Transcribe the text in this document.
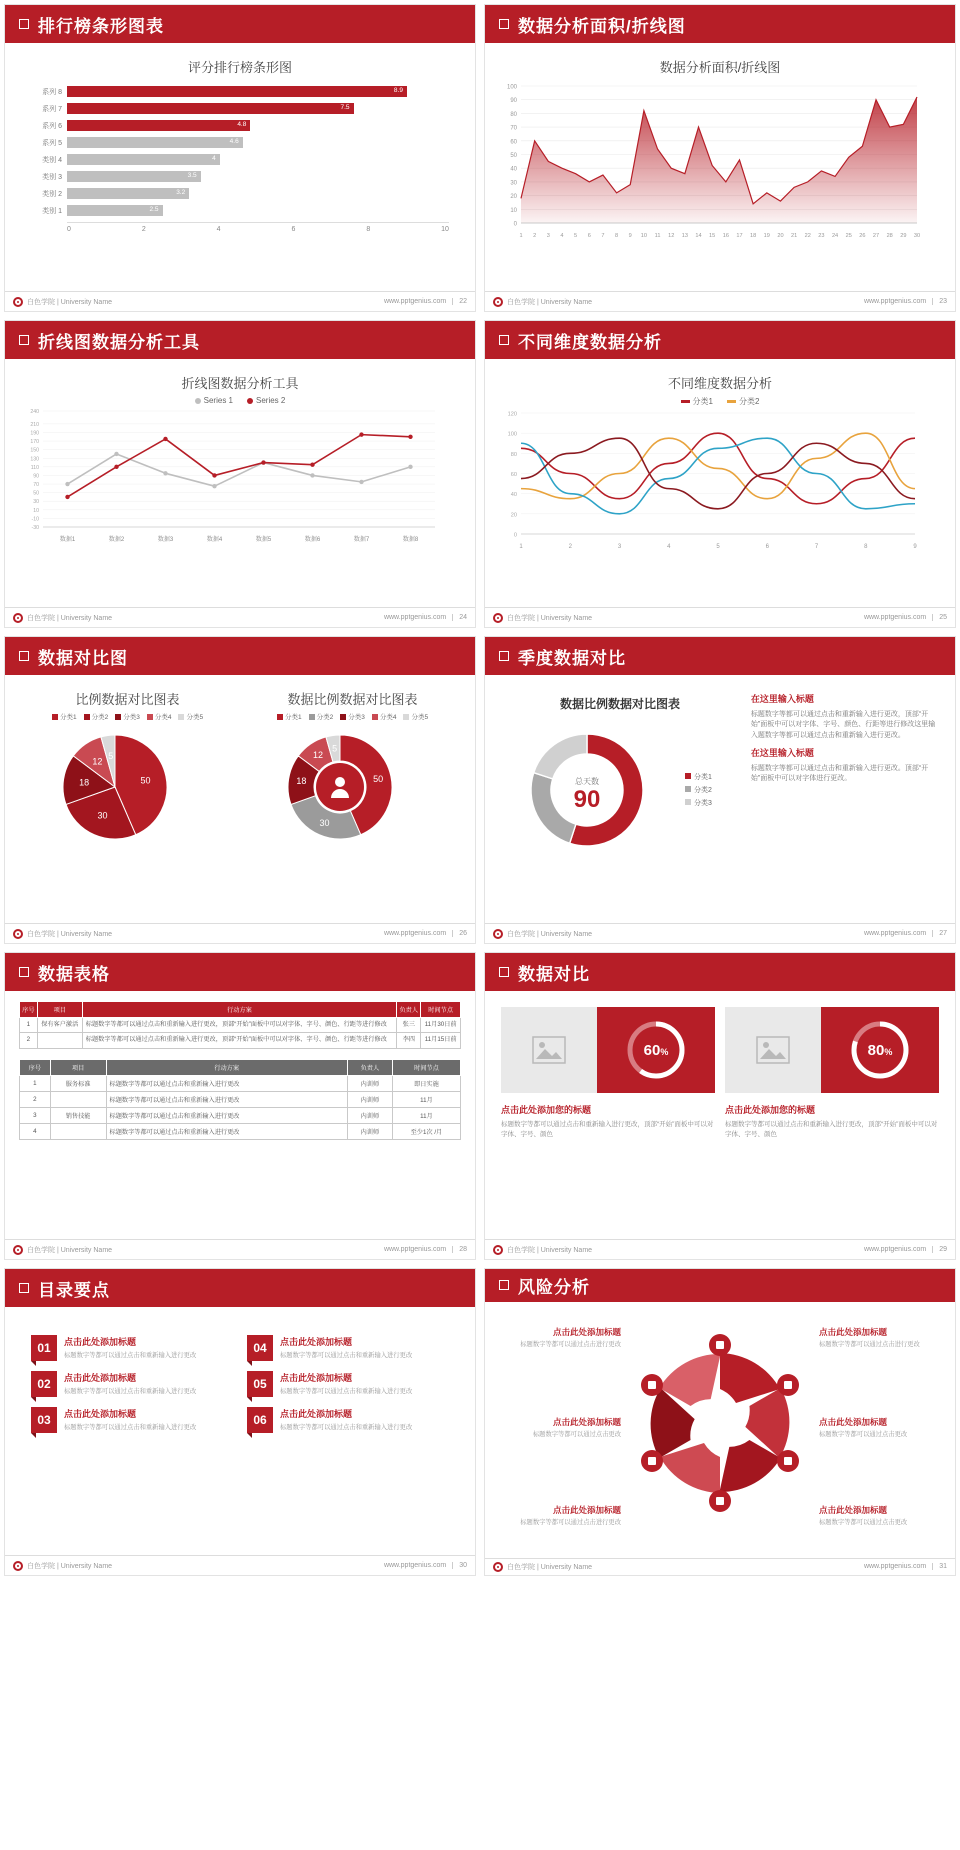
排行榜条形图表
评分排行榜条形图
系列 8	8.9
系列 7	7.5
系列 6	4.8
系列 5	4.6
类别 4	4
类别 3	3.5
类别 2	3.2
类别 1	2.5
0	2	4	6	8	10
白色学院 | University Name	www.pptgenius.com	22
数据分析面积/折线图
数据分析面积/折线图
0
10
20
30
40
50
60
70
80
90
100
1 2 3 4 5 6 7 8 9 10 11 12 13 14 15 16 17 18 19 20 21 22 23 24 25 26 27 28 29 30
白色学院 | University Name	www.pptgenius.com	23
折线图数据分析工具
折线图数据分析工具
Series 1	Series 2
-30
-10
10
30
50
70
90
110
130
150
170
190
210
240
数据1	数据2	数据3	数据4	数据5	数据6	数据7	数据8
白色学院 | University Name	www.pptgenius.com	24
不同维度数据分析
不同维度数据分析
分类1	分类2
0
20
40
60
80
100
120
1	2	3	4	5	6	7	8	9
白色学院 | University Name	www.pptgenius.com	25
数据对比图
比例数据对比图表
分类1	分类2	分类3	分类4	分类5
50
30
18
12
5
数据比例数据对比图表
分类1	分类2	分类3	分类4	分类5
50
30
18
12
5
白色学院 | University Name	www.pptgenius.com	26
季度数据对比
数据比例数据对比图表
总天数
90
分类1
分类2
分类3
在这里输入标题
标题数字等都可以通过点击和重新输入进行更改，顶部“开始”面板中可以对字体、字号、颜色、行距等进行修改这里输入题数字等都可以通过点击和重新输入进行更改。
在这里输入标题
标题数字等都可以通过点击和重新输入进行更改。顶部“开始”面板中可以对字体进行更改。
白色学院 | University Name	www.pptgenius.com	27
数据表格
序号	项目	行动方案	负责人	时间节点
1	保有客户激活	标题数字等都可以通过点击和重新输入进行更改，顶部“开始”面板中可以对字体、字号、颜色、行距等进行修改	张三	11月30日前
2		标题数字等都可以通过点击和重新输入进行更改，顶部“开始”面板中可以对字体、字号、颜色、行距等进行修改	李四	11月15日前
序号	项目	行动方案	负责人	时间节点
1	服务标准	标题数字等都可以通过点击和重新输入进行更改	内训师	即日实施
2		标题数字等都可以通过点击和重新输入进行更改	内训师	11月
3	销售技能	标题数字等都可以通过点击和重新输入进行更改	内训师	11月
4		标题数字等都可以通过点击和重新输入进行更改	内训师	至少1次 /月
白色学院 | University Name	www.pptgenius.com	28
数据对比
60%	80%
点击此处添加您的标题

标题数字等都可以通过点击和重新输入进行更改，顶部“开始”面板中可以对字体、字号、颜色

点击此处添加您的标题

标题数字等都可以通过点击和重新输入进行更改，顶部“开始”面板中可以对字体、字号、颜色

白色学院 | University Name	www.pptgenius.com	29
目录要点
01	点击此处添加标题

标题数字等都可以通过点击和重新输入进行更改

04	点击此处添加标题

标题数字等都可以通过点击和重新输入进行更改

02	点击此处添加标题

标题数字等都可以通过点击和重新输入进行更改

05	点击此处添加标题

标题数字等都可以通过点击和重新输入进行更改

03	点击此处添加标题

标题数字等都可以通过点击和重新输入进行更改

06	点击此处添加标题

标题数字等都可以通过点击和重新输入进行更改

白色学院 | University Name	www.pptgenius.com	30
风险分析
点击此处添加标题
标题数字等都可以通过点击进行更改
点击此处添加标题
标题数字等都可以通过点击进行更改
点击此处添加标题
标题数字等都可以通过点击更改
点击此处添加标题
标题数字等都可以通过点击更改
点击此处添加标题
标题数字等都可以通过点击进行更改
点击此处添加标题
标题数字等都可以通过点击更改
白色学院 | University Name	www.pptgenius.com	31
